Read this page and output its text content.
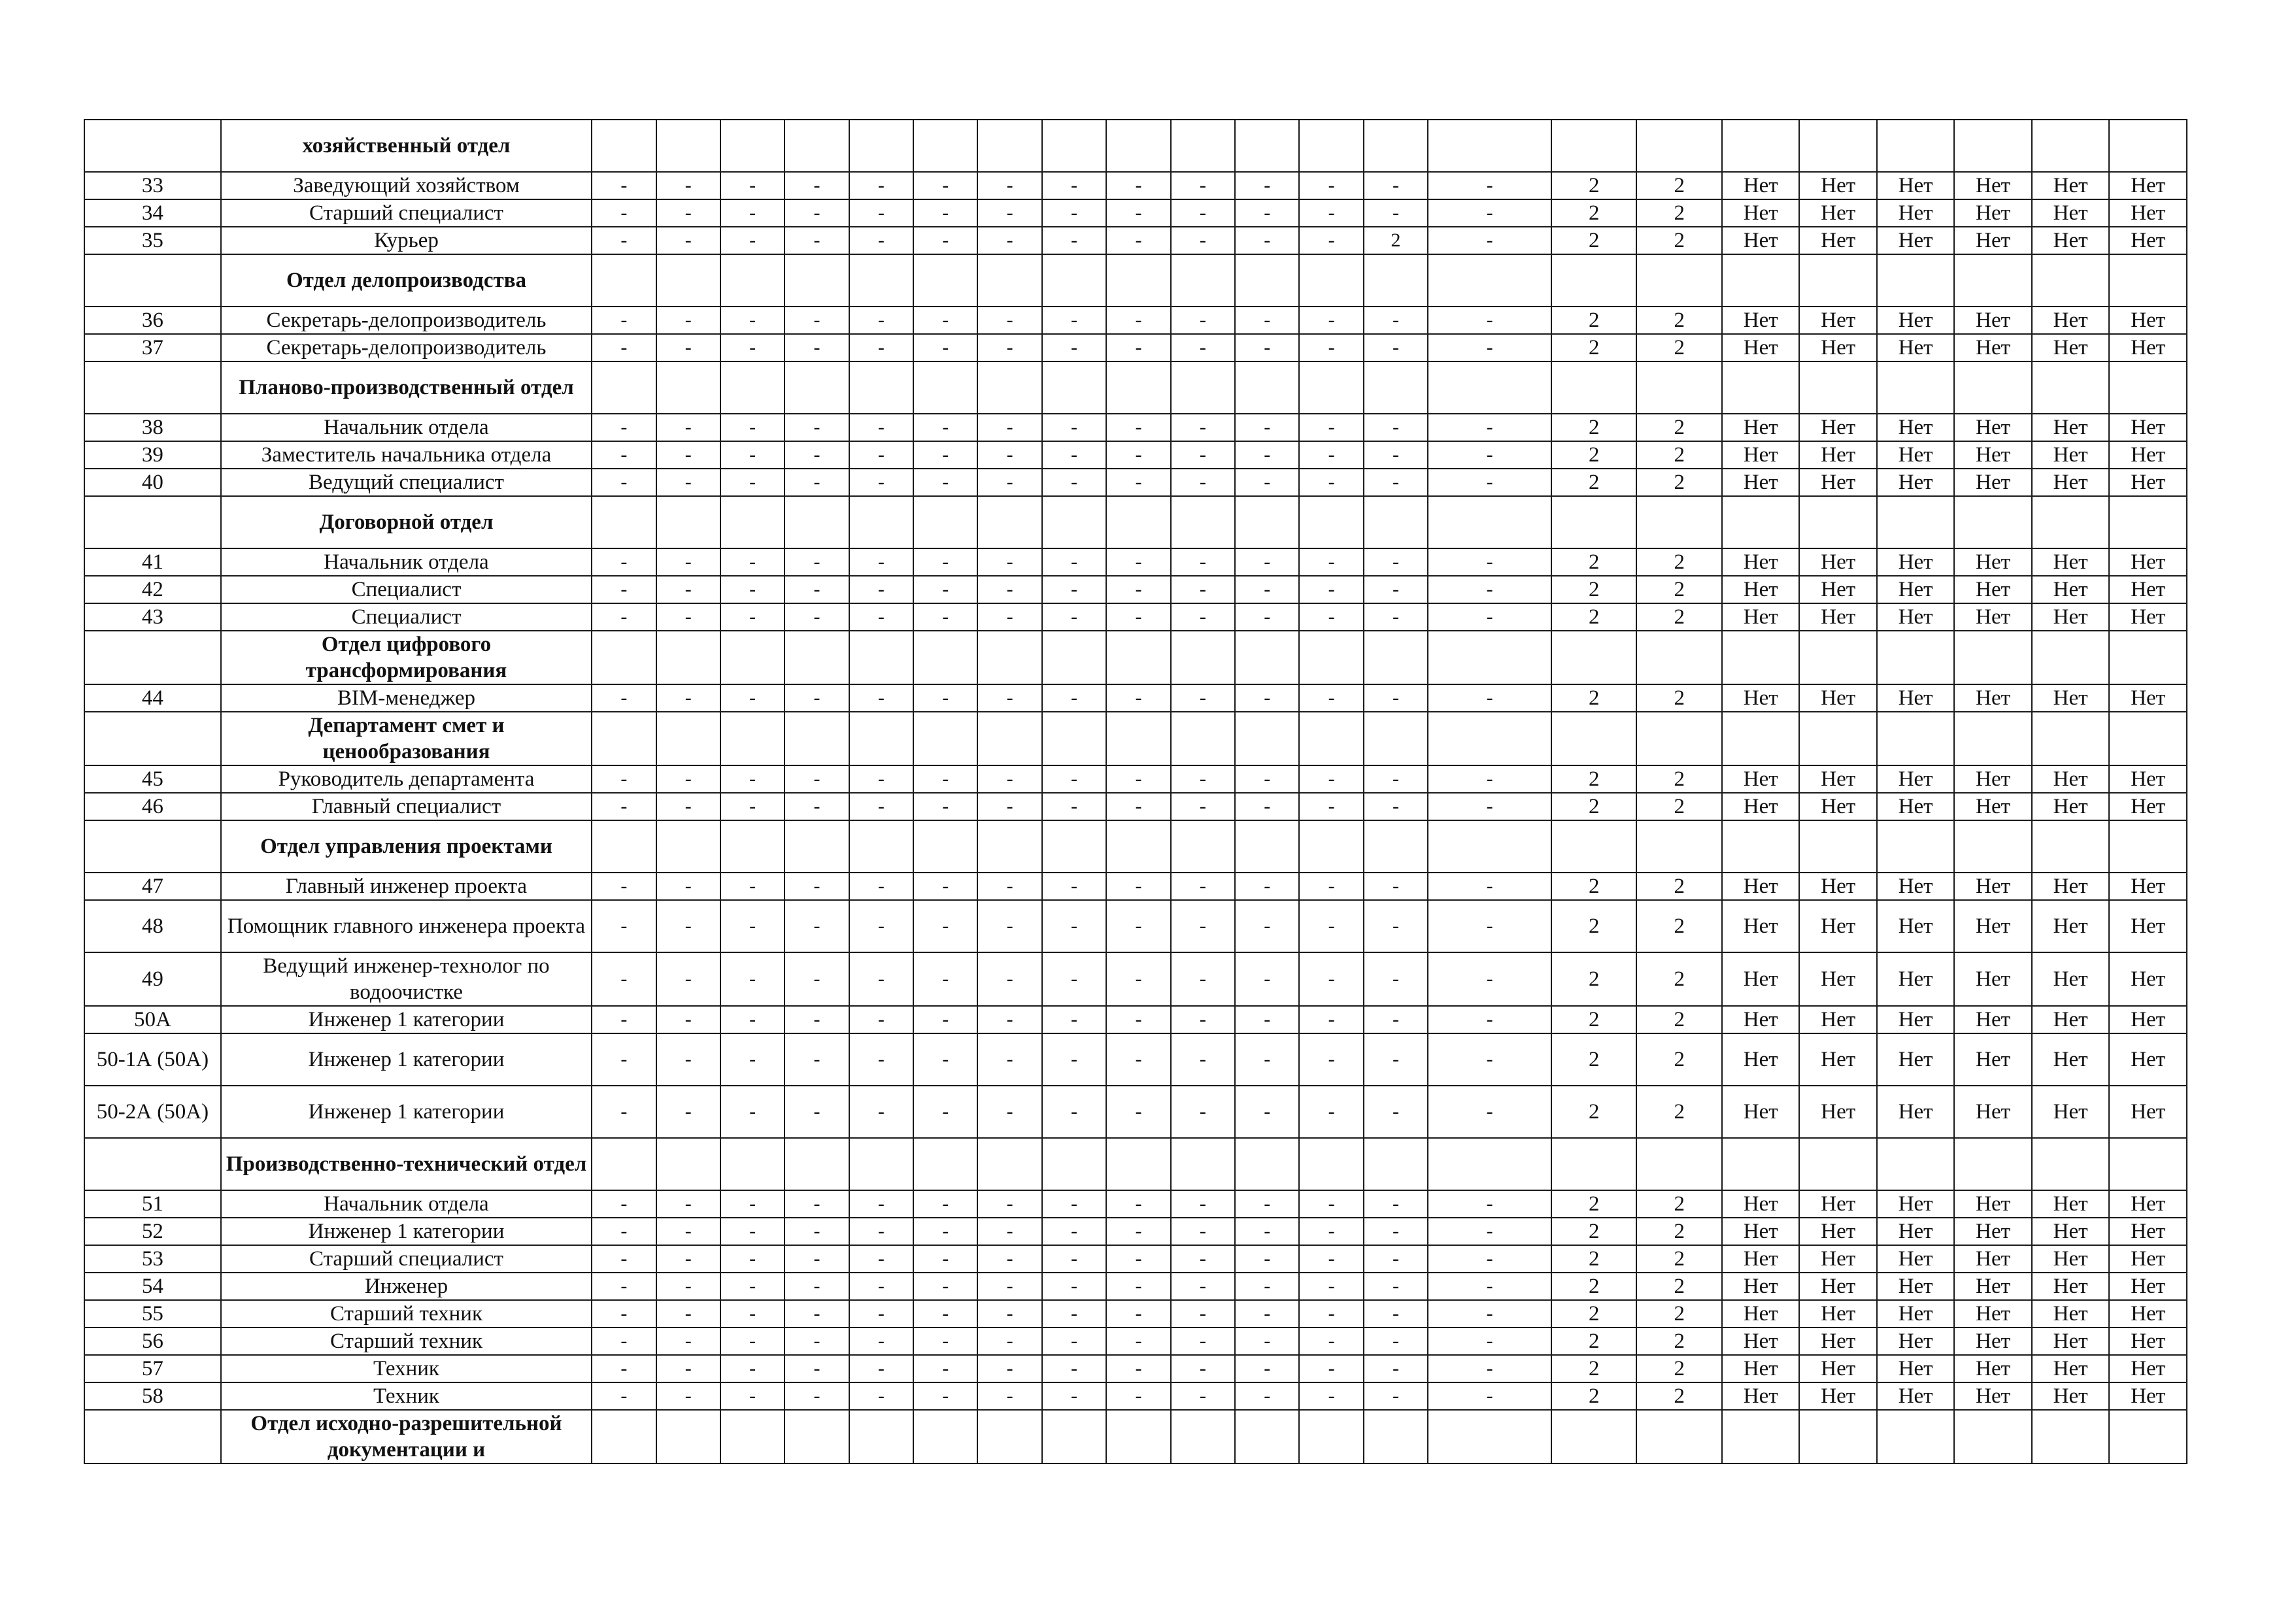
	хозяйственный отдел																						
33	Заведующий хозяйством	-	-	-	-	-	-	-	-	-	-	-	-	-	-	2	2	Нет	Нет	Нет	Нет	Нет	Нет
34	Старший специалист	-	-	-	-	-	-	-	-	-	-	-	-	-	-	2	2	Нет	Нет	Нет	Нет	Нет	Нет
35	Курьер	-	-	-	-	-	-	-	-	-	-	-	-	2	-	2	2	Нет	Нет	Нет	Нет	Нет	Нет
	Отдел делопроизводства																						
36	Секретарь-делопроизводитель	-	-	-	-	-	-	-	-	-	-	-	-	-	-	2	2	Нет	Нет	Нет	Нет	Нет	Нет
37	Секретарь-делопроизводитель	-	-	-	-	-	-	-	-	-	-	-	-	-	-	2	2	Нет	Нет	Нет	Нет	Нет	Нет
	Планово-производственный отдел																						
38	Начальник отдела	-	-	-	-	-	-	-	-	-	-	-	-	-	-	2	2	Нет	Нет	Нет	Нет	Нет	Нет
39	Заместитель начальника отдела	-	-	-	-	-	-	-	-	-	-	-	-	-	-	2	2	Нет	Нет	Нет	Нет	Нет	Нет
40	Ведущий специалист	-	-	-	-	-	-	-	-	-	-	-	-	-	-	2	2	Нет	Нет	Нет	Нет	Нет	Нет
	Договорной отдел																						
41	Начальник отдела	-	-	-	-	-	-	-	-	-	-	-	-	-	-	2	2	Нет	Нет	Нет	Нет	Нет	Нет
42	Специалист	-	-	-	-	-	-	-	-	-	-	-	-	-	-	2	2	Нет	Нет	Нет	Нет	Нет	Нет
43	Специалист	-	-	-	-	-	-	-	-	-	-	-	-	-	-	2	2	Нет	Нет	Нет	Нет	Нет	Нет
	Отдел цифрового трансформирования																						
44	BIM-менеджер	-	-	-	-	-	-	-	-	-	-	-	-	-	-	2	2	Нет	Нет	Нет	Нет	Нет	Нет
	Департамент смет и ценообразования																						
45	Руководитель департамента	-	-	-	-	-	-	-	-	-	-	-	-	-	-	2	2	Нет	Нет	Нет	Нет	Нет	Нет
46	Главный специалист	-	-	-	-	-	-	-	-	-	-	-	-	-	-	2	2	Нет	Нет	Нет	Нет	Нет	Нет
	Отдел управления проектами																						
47	Главный инженер проекта	-	-	-	-	-	-	-	-	-	-	-	-	-	-	2	2	Нет	Нет	Нет	Нет	Нет	Нет
48	Помощник главного инженера проекта	-	-	-	-	-	-	-	-	-	-	-	-	-	-	2	2	Нет	Нет	Нет	Нет	Нет	Нет
49	Ведущий инженер-технолог по водоочистке	-	-	-	-	-	-	-	-	-	-	-	-	-	-	2	2	Нет	Нет	Нет	Нет	Нет	Нет
50А	Инженер 1 категории	-	-	-	-	-	-	-	-	-	-	-	-	-	-	2	2	Нет	Нет	Нет	Нет	Нет	Нет
50-1А (50А)	Инженер 1 категории	-	-	-	-	-	-	-	-	-	-	-	-	-	-	2	2	Нет	Нет	Нет	Нет	Нет	Нет
50-2А (50А)	Инженер 1 категории	-	-	-	-	-	-	-	-	-	-	-	-	-	-	2	2	Нет	Нет	Нет	Нет	Нет	Нет
	Производственно-технический отдел																						
51	Начальник отдела	-	-	-	-	-	-	-	-	-	-	-	-	-	-	2	2	Нет	Нет	Нет	Нет	Нет	Нет
52	Инженер 1 категории	-	-	-	-	-	-	-	-	-	-	-	-	-	-	2	2	Нет	Нет	Нет	Нет	Нет	Нет
53	Старший специалист	-	-	-	-	-	-	-	-	-	-	-	-	-	-	2	2	Нет	Нет	Нет	Нет	Нет	Нет
54	Инженер	-	-	-	-	-	-	-	-	-	-	-	-	-	-	2	2	Нет	Нет	Нет	Нет	Нет	Нет
55	Старший техник	-	-	-	-	-	-	-	-	-	-	-	-	-	-	2	2	Нет	Нет	Нет	Нет	Нет	Нет
56	Старший техник	-	-	-	-	-	-	-	-	-	-	-	-	-	-	2	2	Нет	Нет	Нет	Нет	Нет	Нет
57	Техник	-	-	-	-	-	-	-	-	-	-	-	-	-	-	2	2	Нет	Нет	Нет	Нет	Нет	Нет
58	Техник	-	-	-	-	-	-	-	-	-	-	-	-	-	-	2	2	Нет	Нет	Нет	Нет	Нет	Нет
	Отдел исходно-разрешительной документации и																						
